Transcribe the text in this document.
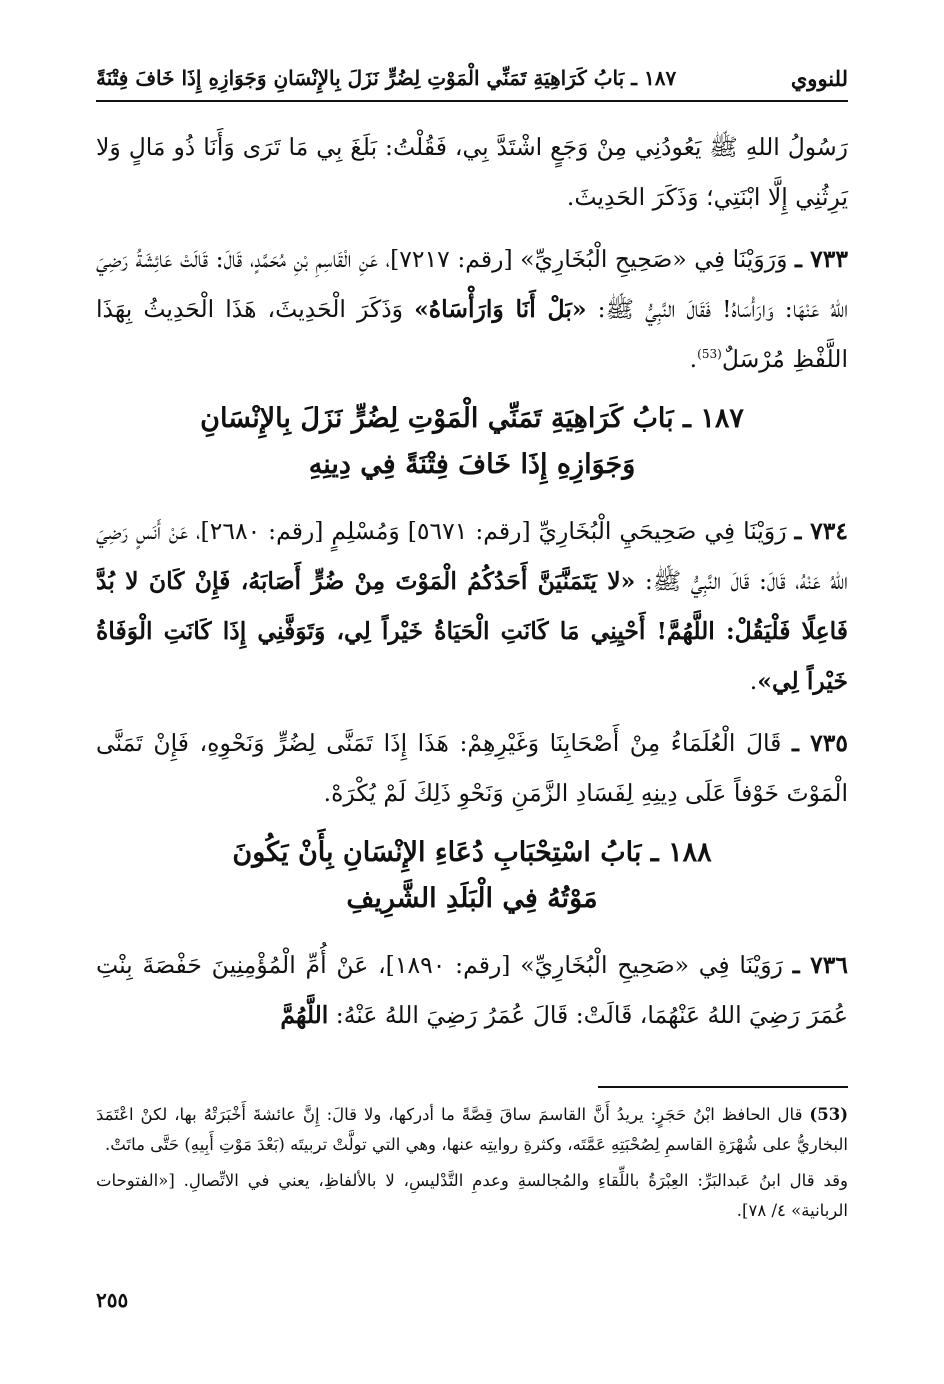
للنووي
١٨٧ ـ بَابُ كَرَاهِيَةِ تَمَنِّي الْمَوْتِ لِضُرٍّ نَزَلَ بِالإِنْسَانِ وَجَوَازِهِ إِذَا خَافَ فِتْنَةً

رَسُولُ اللهِ ﷺ يَعُودُنِي مِنْ وَجَعٍ اشْتَدَّ بِي، فَقُلْتُ: بَلَغَ بِي مَا تَرَى وَأَنَا ذُو مَالٍ وَلا يَرِثُنِي إِلَّا ابْنَتِي؛ وَذَكَرَ الحَدِيثَ.

٧٣٣ ـ وَرَوَيْنَا فِي «صَحِيحِ الْبُخَارِيِّ» [رقم: ٧٢١٧]، عَنِ الْقَاسِمِ بْنِ مُحَمَّدٍ، قَالَ: قَالَتْ عَائِشَةُ رَضِيَ اللهُ عَنْهَا: وَارَأْسَاهُ! فَقَالَ النَّبِيُّ ﷺ: «بَلْ أَنَا وَارَأْسَاهُ» وَذَكَرَ الْحَدِيثَ، هَذَا الْحَدِيثُ بِهَذَا اللَّفْظِ مُرْسَلٌ$^{(53)}$.

١٨٧ ـ بَابُ كَرَاهِيَةِ تَمَنِّي الْمَوْتِ لِضُرٍّ نَزَلَ بِالإِنْسَانِ
وَجَوَازِهِ إِذَا خَافَ فِتْنَةً فِي دِينِهِ

٧٣٤ ـ رَوَيْنَا فِي صَحِيحَيِ الْبُخَارِيِّ [رقم: ٥٦٧١] وَمُسْلِمٍ [رقم: ٢٦٨٠]، عَنْ أَنَسٍ رَضِيَ اللهُ عَنْهُ، قَالَ: قَالَ النَّبِيُّ ﷺ: «لا يَتَمَنَّيَنَّ أَحَدُكُمُ الْمَوْتَ مِنْ ضُرٍّ أَصَابَهُ، فَإِنْ كَانَ لا بُدَّ فَاعِلًا فَلْيَقُلْ: اللَّهُمَّ! أَحْيِنِي مَا كَانَتِ الْحَيَاةُ خَيْراً لِي، وَتَوَفَّنِي إِذَا كَانَتِ الْوَفَاةُ خَيْراً لِي».

٧٣٥ ـ قَالَ الْعُلَمَاءُ مِنْ أَصْحَابِنَا وَغَيْرِهِمْ: هَذَا إِذَا تَمَنَّى لِضُرٍّ وَنَحْوِهِ، فَإِنْ تَمَنَّى الْمَوْتَ خَوْفاً عَلَى دِينِهِ لِفَسَادِ الزَّمَنِ وَنَحْوِ ذَلِكَ لَمْ يُكْرَهْ.

١٨٨ ـ بَابُ اسْتِحْبَابِ دُعَاءِ الإِنْسَانِ بِأَنْ يَكُونَ
مَوْتُهُ فِي الْبَلَدِ الشَّرِيفِ

٧٣٦ ـ رَوَيْنَا فِي «صَحِيحِ الْبُخَارِيِّ» [رقم: ١٨٩٠]، عَنْ أُمِّ الْمُؤْمِنِينَ حَفْصَةَ بِنْتِ عُمَرَ رَضِيَ اللهُ عَنْهُمَا، قَالَتْ: قَالَ عُمَرُ رَضِيَ اللهُ عَنْهُ: اللَّهُمَّ

(53) قال الحافظ ابْنُ حَجَرٍ: يريدُ أَنَّ القاسمَ ساقَ قِصَّةً ما أدركها، ولا قالَ: إِنَّ عائشةَ أَخْبَرَتْهُ بها، لكنْ اعْتَمَدَ البخاريُّ على شُهْرَةِ القاسمِ لِصُحْبَتِهِ عَمَّتَه، وكثرةِ روايتِه عنها، وهي التي تولَّتْ تربيتَه (بَعْدَ مَوْتِ أَبِيهِ) حَتَّى ماتَتْ.

وقد قال ابنُ عَبدالبَرِّ: العِبْرَةُ باللِّقاءِ والمُجالسةِ وعدمِ التَّدْليسِ، لا بالألفاظِ، يعني في الاتِّصالِ. [«الفتوحات الربانية» ٤/ ٧٨].

٢٥٥
